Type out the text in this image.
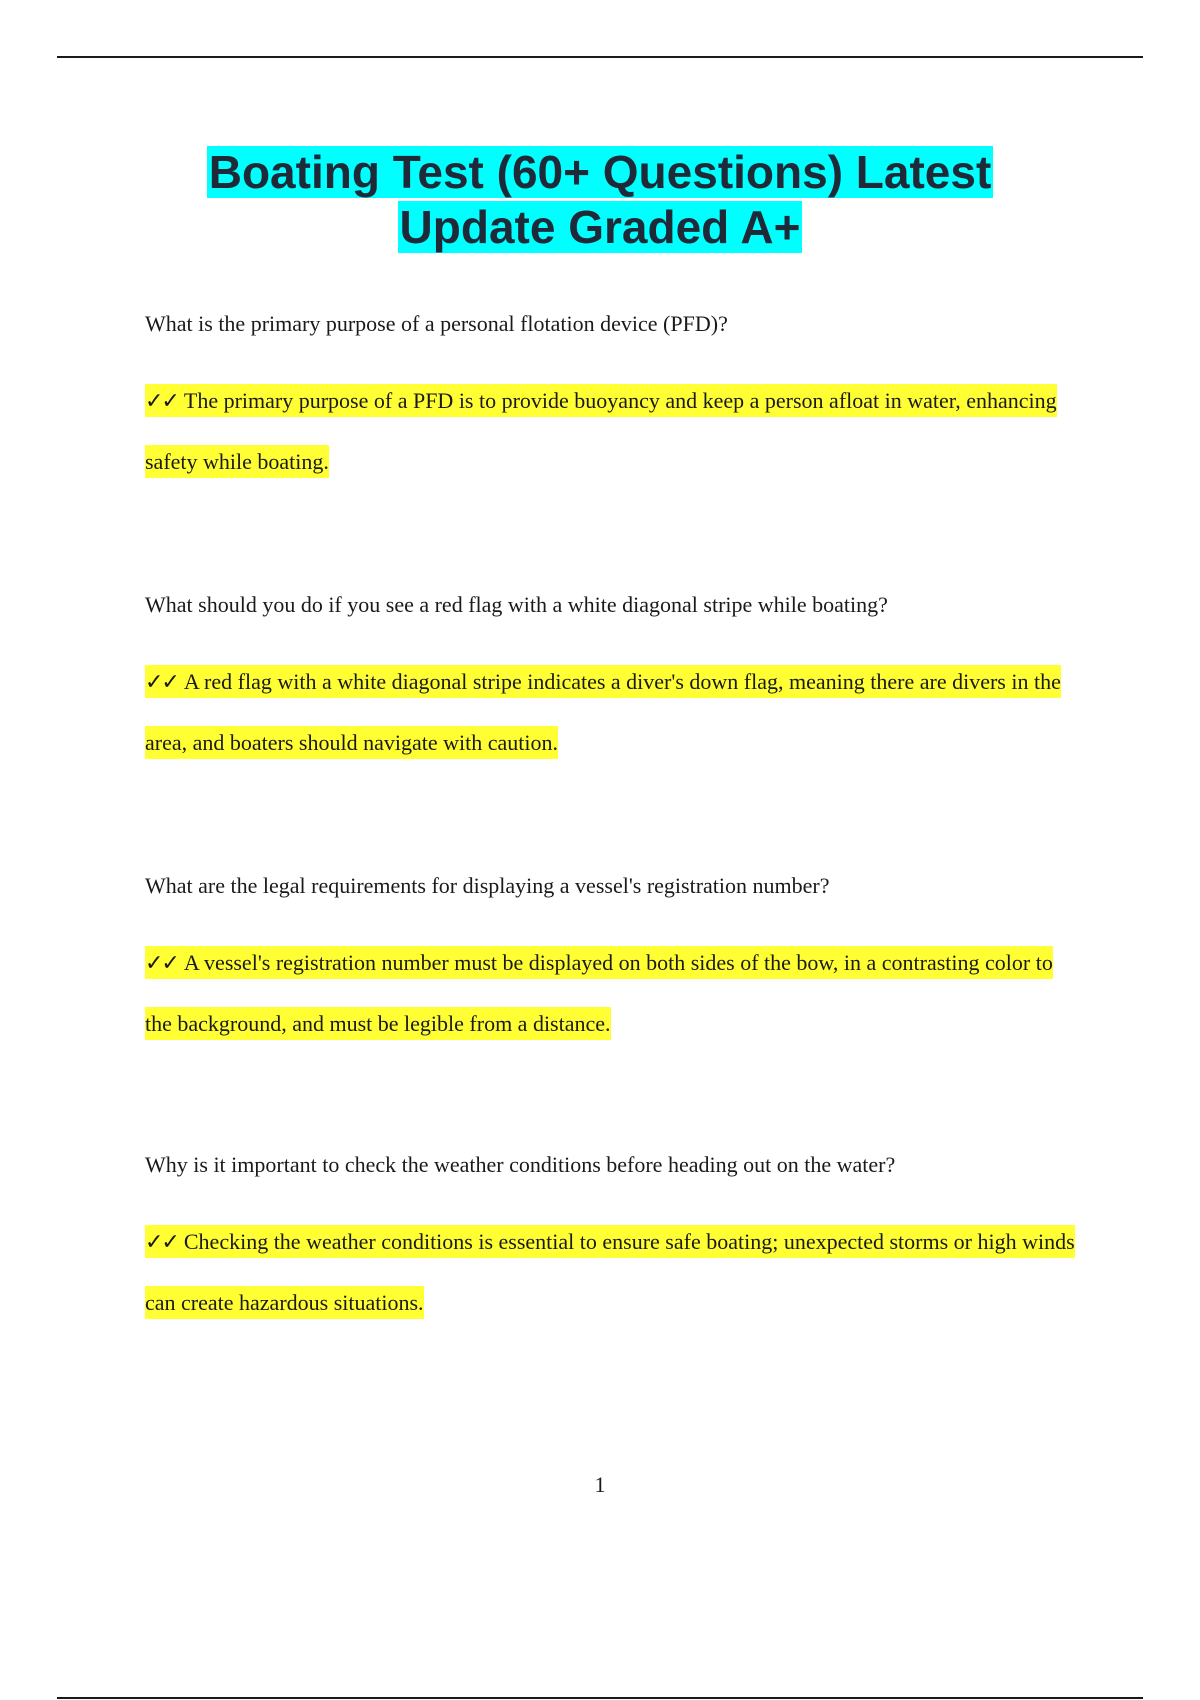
Boating Test (60+ Questions) Latest
Update Graded A+

What is the primary purpose of a personal flotation device (PFD)?

✓✓ The primary purpose of a PFD is to provide buoyancy and keep a person afloat in water, enhancing safety while boating.

What should you do if you see a red flag with a white diagonal stripe while boating?

✓✓ A red flag with a white diagonal stripe indicates a diver's down flag, meaning there are divers in the area, and boaters should navigate with caution.

What are the legal requirements for displaying a vessel's registration number?

✓✓ A vessel's registration number must be displayed on both sides of the bow, in a contrasting color to the background, and must be legible from a distance.

Why is it important to check the weather conditions before heading out on the water?

✓✓ Checking the weather conditions is essential to ensure safe boating; unexpected storms or high winds can create hazardous situations.

1
